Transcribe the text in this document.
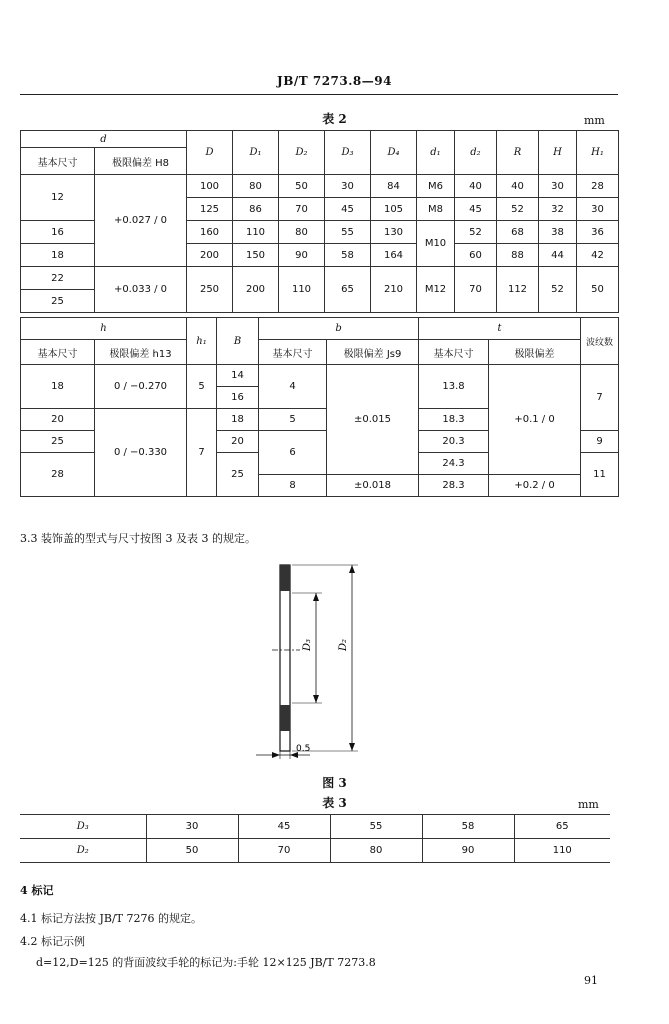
JB/T 7273.8—94
表 2	mm
d		D	D₁	D₂	D₃	D₄	d₁	d₂	R	H	H₁
基本尺寸	极限偏差 H8										
12	+0.027 / 0	100	80	50	30	84	M6	40	40	30	28
		125	86	70	45	105	M8	45	52	32	30
16		160	110	80	55	130	M10	52	68	38	36
18		200	150	90	58	164		60	88	44	42
22	+0.033 / 0	250	200	110	65	210	M12	70	112	52	50
25											
h		h₁	B	b		t		波纹数
基本尺寸	极限偏差 h13			基本尺寸	极限偏差 Js9	基本尺寸	极限偏差	
18	0 / −0.270	5	14	4	±0.015	13.8	+0.1 / 0	7
			16					
20	0 / −0.330	7	18	5		18.3		
25			20	6		20.3		9
28			25			24.3		11
				8	±0.018	28.3	+0.2 / 0	
3.3 装饰盖的型式与尺寸按图 3 及表 3 的规定。
D₃	D₂
0.5
图 3
表 3	mm
D₃	30	45	55	58	65
D₂	50	70	80	90	110
4 标记
4.1 标记方法按 JB/T 7276 的规定。
4.2 标记示例
d=12,D=125 的背面波纹手轮的标记为:手轮 12×125 JB/T 7273.8
91
